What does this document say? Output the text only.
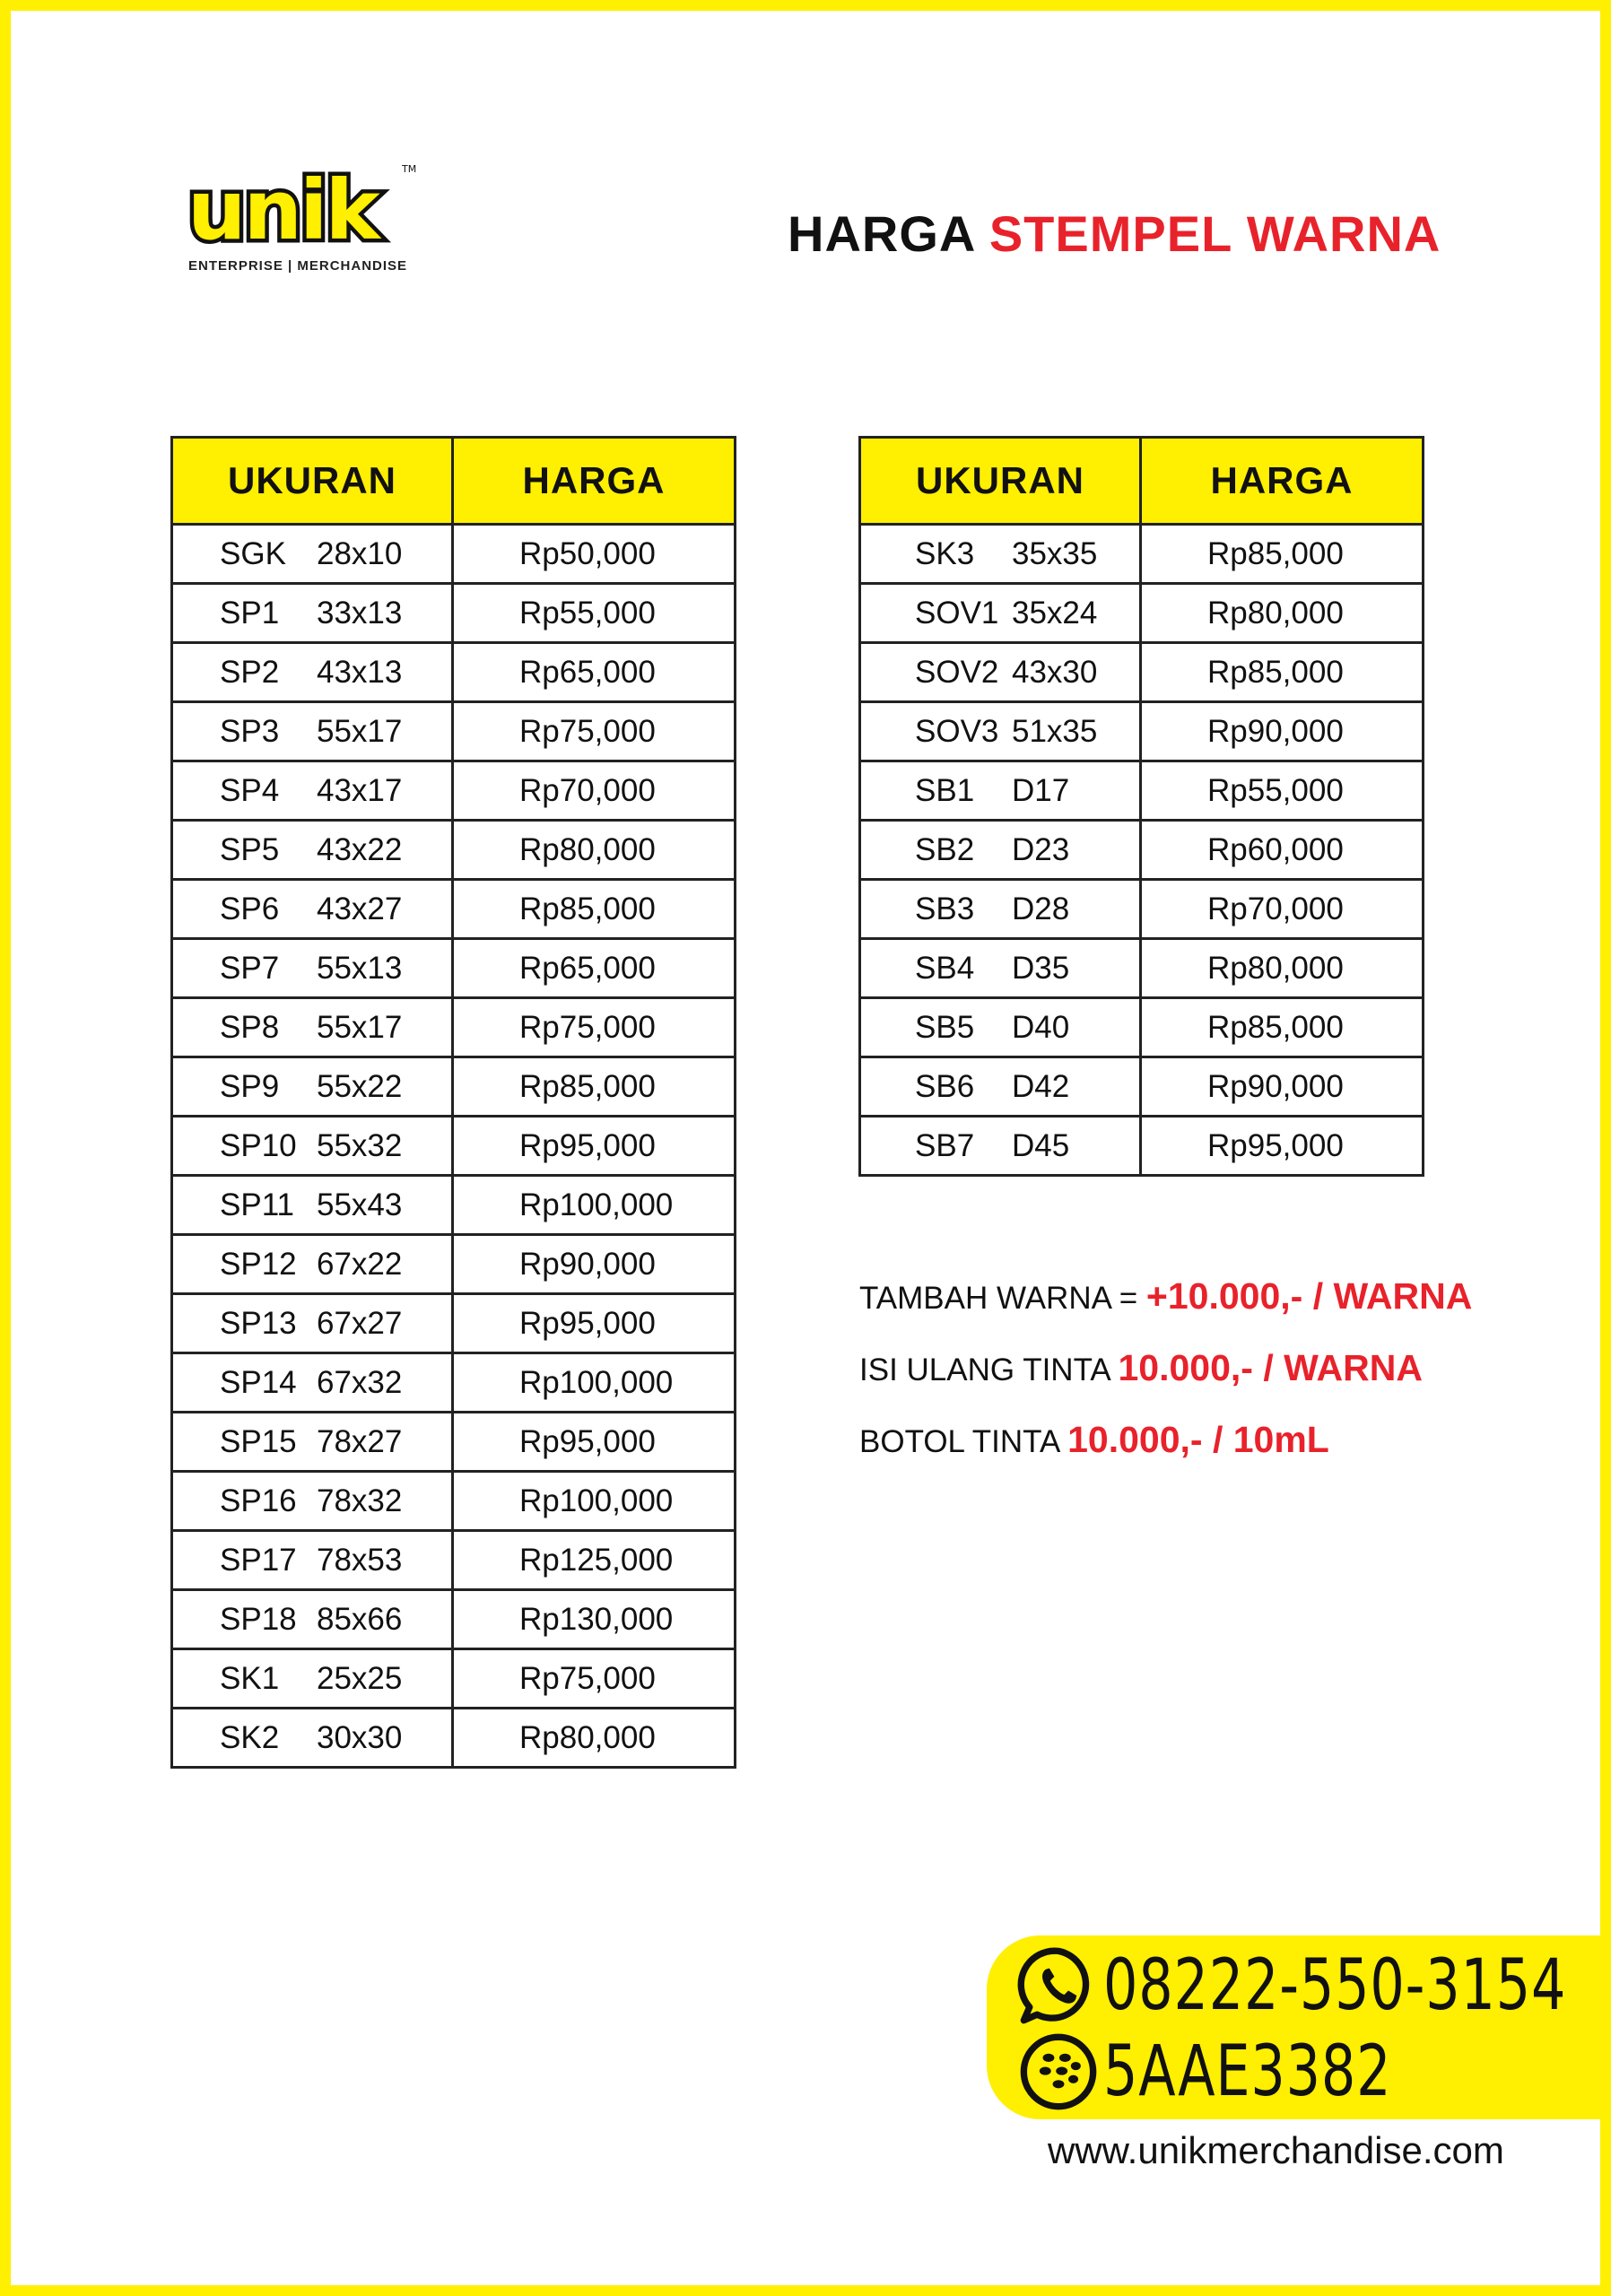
unik	TM
ENTERPRISE | MERCHANDISE
HARGA STEMPEL WARNA
UKURAN	HARGA
SGK 28x10	Rp50,000
SP1 33x13	Rp55,000
SP2 43x13	Rp65,000
SP3 55x17	Rp75,000
SP4 43x17	Rp70,000
SP5 43x22	Rp80,000
SP6 43x27	Rp85,000
SP7 55x13	Rp65,000
SP8 55x17	Rp75,000
SP9 55x22	Rp85,000
SP10 55x32	Rp95,000
SP11 55x43	Rp100,000
SP12 67x22	Rp90,000
SP13 67x27	Rp95,000
SP14 67x32	Rp100,000
SP15 78x27	Rp95,000
SP16 78x32	Rp100,000
SP17 78x53	Rp125,000
SP18 85x66	Rp130,000
SK1 25x25	Rp75,000
SK2 30x30	Rp80,000
UKURAN	HARGA
SK3 35x35	Rp85,000
SOV1 35x24	Rp80,000
SOV2 43x30	Rp85,000
SOV3 51x35	Rp90,000
SB1 D17	Rp55,000
SB2 D23	Rp60,000
SB3 D28	Rp70,000
SB4 D35	Rp80,000
SB5 D40	Rp85,000
SB6 D42	Rp90,000
SB7 D45	Rp95,000
TAMBAH WARNA = +10.000,- / WARNA
ISI ULANG TINTA 10.000,- / WARNA
BOTOL TINTA 10.000,- / 10mL
08222-550-3154
5AAE3382
www.unikmerchandise.com
